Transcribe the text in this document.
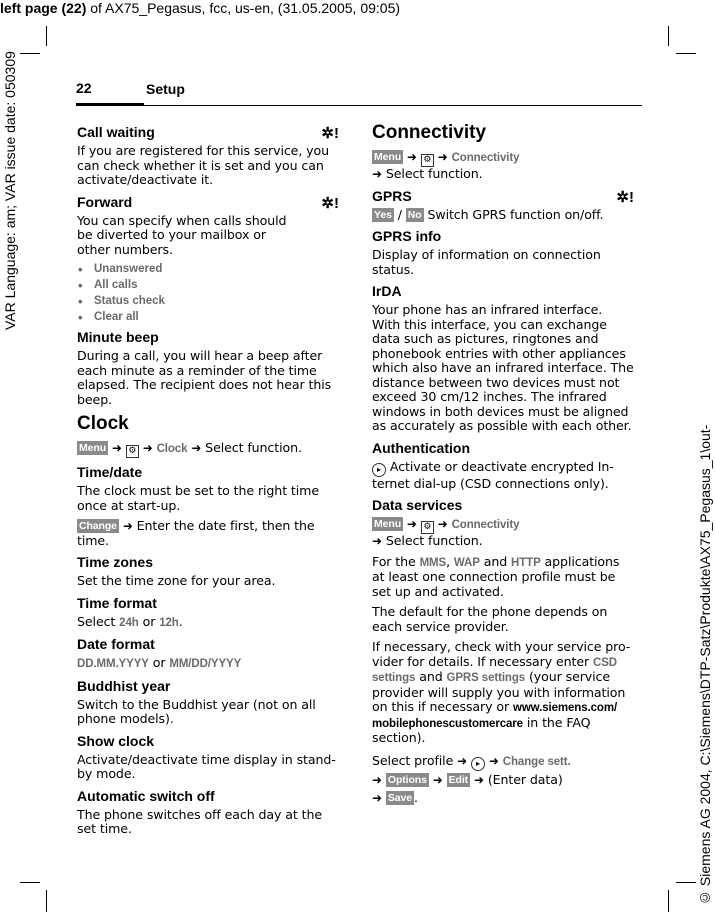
left page (22) of AX75_Pegasus, fcc, us-en, (31.05.2005, 09:05)
VAR Language: am; VAR issue date: 050309
© Siemens AG 2004, C:\Siemens\DTP-Satz\Produkte\AX75_Pegasus_1\out-
22	Setup
Call waiting	✲!
If you are registered for this service, you can check whether it is set and you can activate/deactivate it.
Forward	✲!
You can specify when calls should be diverted to your mailbox or other numbers.
• Unanswered
• All calls
• Status check
• Clear all
Minute beep
During a call, you will hear a beep after each minute as a reminder of the time elapsed. The recipient does not hear this beep.
Clock
Menu ➜ ⚙ ➜ Clock ➜ Select function.
Time/date
The clock must be set to the right time once at start-up.
Change ➜ Enter the date first, then the time.
Time zones
Set the time zone for your area.
Time format
Select 24h or 12h.
Date format
DD.MM.YYYY or MM/DD/YYYY
Buddhist year
Switch to the Buddhist year (not on all phone models).
Show clock
Activate/deactivate time display in stand-by mode.
Automatic switch off
The phone switches off each day at the set time.
Connectivity
Menu ➜ ⚙ ➜ Connectivity
➜ Select function.
GPRS	✲!
Yes / No Switch GPRS function on/off.
GPRS info
Display of information on connection status.
IrDA
Your phone has an infrared interface. With this interface, you can exchange data such as pictures, ringtones and phonebook entries with other appliances which also have an infrared interface. The distance between two devices must not exceed 30 cm/12 inches. The infrared windows in both devices must be aligned as accurately as possible with each other.
Authentication
▸ Activate or deactivate encrypted In-ternet dial-up (CSD connections only).
Data services
Menu ➜ ⚙ ➜ Connectivity
➜ Select function.
For the MMS, WAP and HTTP applications at least one connection profile must be set up and activated.
The default for the phone depends on each service provider.
If necessary, check with your service pro-vider for details. If necessary enter CSD settings and GPRS settings (your service provider will supply you with information on this if necessary or www.siemens.com/ mobilephonescustomercare in the FAQ section).
Select profile ➜ ▸ ➜ Change sett.
➜ Options ➜ Edit ➜ (Enter data)
➜ Save .
